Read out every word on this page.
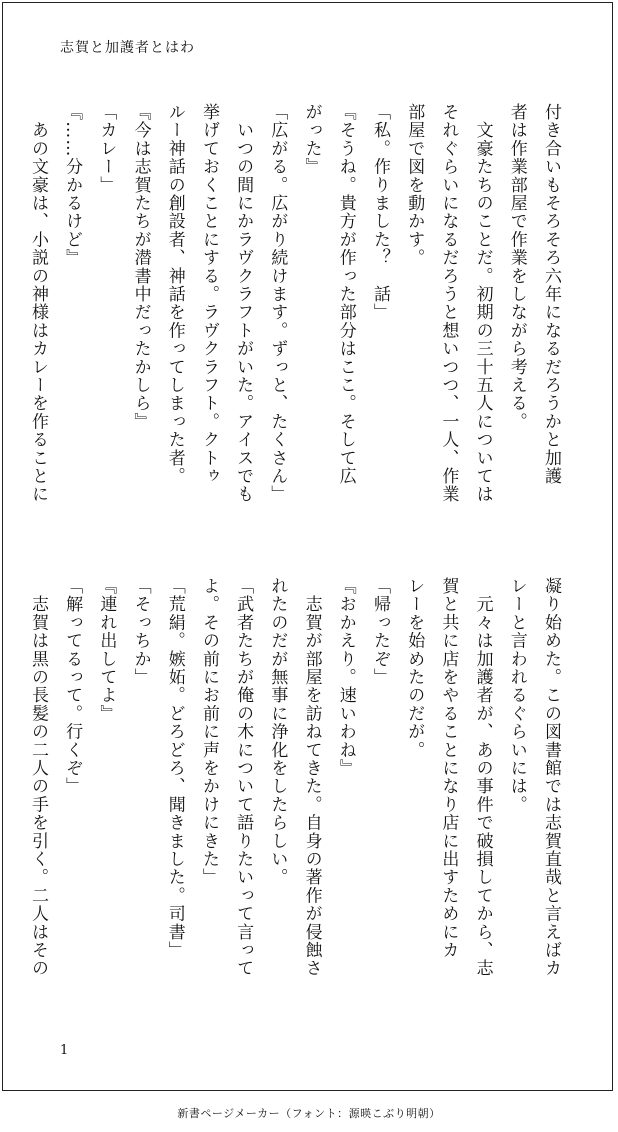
志賀と加護者とはわ
付き合いもそろそろ六年になるだろうかと加護
者は作業部屋で作業をしながら考える。
　文豪たちのことだ。初期の三十五人については
それぐらいになるだろうと想いつつ、一人、作業
部屋で図を動かす。
「私。作りました？　話」
『そうね。貴方が作った部分はここ。そして広
がった』
「広がる。広がり続けます。ずっと、たくさん」
　いつの間にかラヴクラフトがいた。アイスでも
挙げておくことにする。ラヴクラフト。クトゥ
ルー神話の創設者、神話を作ってしまった者。
『今は志賀たちが潜書中だったかしら』
「カレー」
『……分かるけど』
　あの文豪は、小説の神様はカレーを作ることに
凝り始めた。この図書館では志賀直哉と言えばカ
レーと言われるぐらいには。
　元々は加護者が、あの事件で破損してから、志
賀と共に店をやることになり店に出すためにカ
レーを始めたのだが。
「帰ったぞ」
『おかえり。速いわね』
　志賀が部屋を訪ねてきた。自身の著作が侵蝕さ
れたのだが無事に浄化をしたらしい。
「武者たちが俺の木について語りたいって言って
よ。その前にお前に声をかけにきた」
「荒絹。嫉妬。どろどろ、聞きました。司書」
「そっちか」
『連れ出してよ』
「解ってるって。行くぞ」
　志賀は黒の長髪の二人の手を引く。二人はその
1
新書ページメーカー（フォント：源暎こぶり明朝）
